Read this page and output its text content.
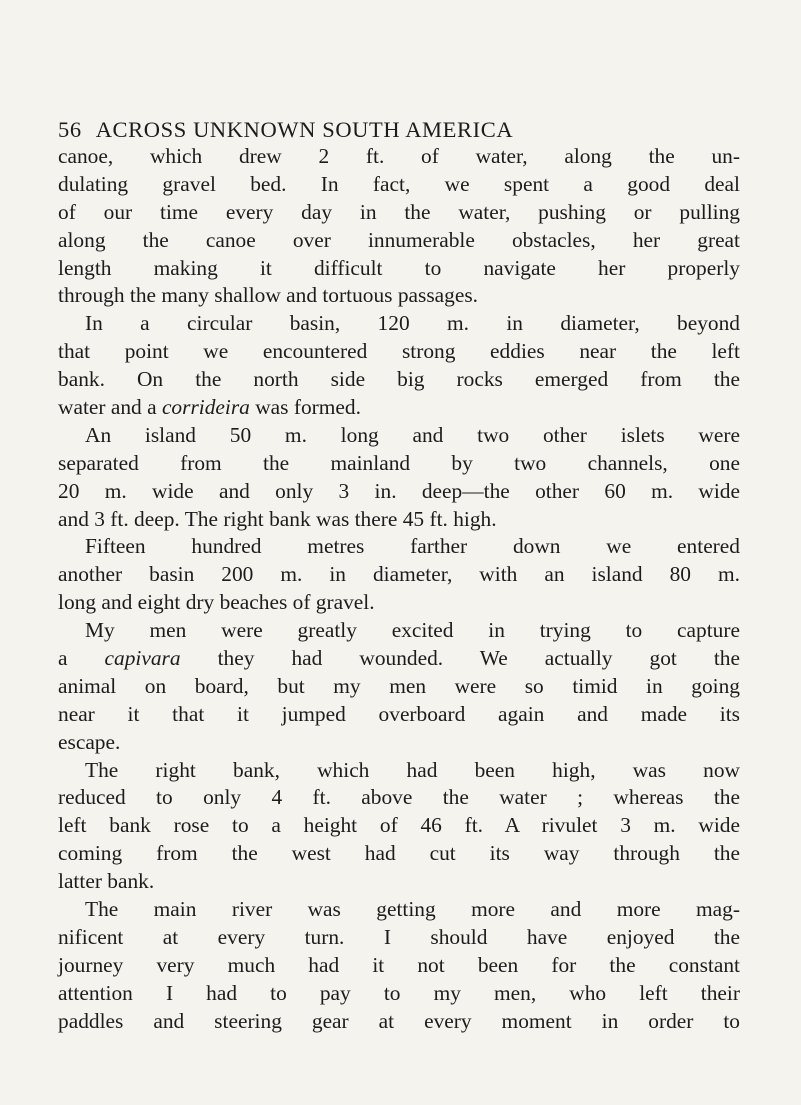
56 ACROSS UNKNOWN SOUTH AMERICA
canoe, which drew 2 ft. of water, along the un-
dulating gravel bed. In fact, we spent a good deal
of our time every day in the water, pushing or pulling
along the canoe over innumerable obstacles, her great
length making it difficult to navigate her properly
through the many shallow and tortuous passages.
In a circular basin, 120 m. in diameter, beyond
that point we encountered strong eddies near the left
bank. On the north side big rocks emerged from the
water and a corrideira was formed.
An island 50 m. long and two other islets were
separated from the mainland by two channels, one
20 m. wide and only 3 in. deep—the other 60 m. wide
and 3 ft. deep. The right bank was there 45 ft. high.
Fifteen hundred metres farther down we entered
another basin 200 m. in diameter, with an island 80 m.
long and eight dry beaches of gravel.
My men were greatly excited in trying to capture
a capivara they had wounded. We actually got the
animal on board, but my men were so timid in going
near it that it jumped overboard again and made its
escape.
The right bank, which had been high, was now
reduced to only 4 ft. above the water ; whereas the
left bank rose to a height of 46 ft. A rivulet 3 m. wide
coming from the west had cut its way through the
latter bank.
The main river was getting more and more mag-
nificent at every turn. I should have enjoyed the
journey very much had it not been for the constant
attention I had to pay to my men, who left their
paddles and steering gear at every moment in order to
